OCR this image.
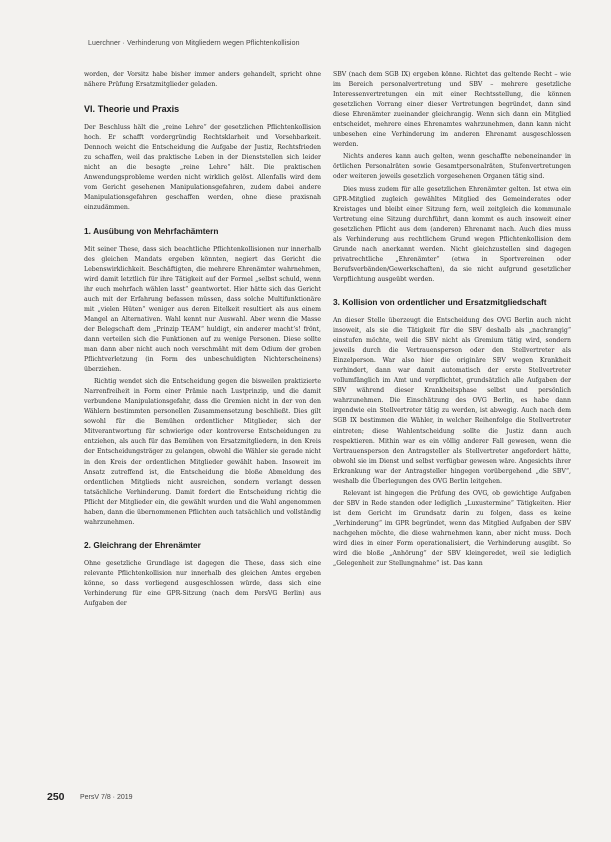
Luerchner · Verhinderung von Mitgliedern wegen Pflichtenkollision

worden, der Vorsitz habe bisher immer anders gehandelt, spricht ohne nähere Prüfung Ersatzmitglieder geladen.

VI. Theorie und Praxis

Der Beschluss hält die „reine Lehre“ der gesetzlichen Pflichtenkollision hoch. Er schafft vordergründig Rechtsklarheit und Vorsehbarkeit. Dennoch weicht die Entscheidung die Aufgabe der Justiz, Rechtsfrieden zu schaffen, weil das praktische Leben in der Dienststellen sich leider nicht an die besagte „reine Lehre“ hält. Die praktischen Anwendungsprobleme werden nicht wirklich gelöst. Allenfalls wird dem vom Gericht gesehenen Manipulationsgefahren, zudem dabei andere Manipulationsgefahren geschaffen werden, ohne diese praxisnah einzudämmen.

1. Ausübung von Mehrfachämtern

Mit seiner These, dass sich beachtliche Pflichtenkollisionen nur innerhalb des gleichen Mandats ergeben könnten, negiert das Gericht die Lebenswirklichkeit. Beschäftigten, die mehrere Ehrenämter wahrnehmen, wird damit letztlich für ihre Tätigkeit auf der Formel „selbst schuld, wenn ihr euch mehrfach wählen lasst“ geantwortet. Hier hätte sich das Gericht auch mit der Erfahrung befassen müssen, dass solche Multifunktionäre mit „vielen Hüten“ weniger aus deren Eitelkeit resultiert als aus einem Mangel an Alternativen. Wahl kennt nur Auswahl. Aber wenn die Masse der Belegschaft dem „Prinzip TEAM“ huldigt, ein anderer macht’s! frönt, dann verteilen sich die Funktionen auf zu wenige Personen. Diese sollte man dann aber nicht auch noch verschmäht mit dem Odium der groben Pflichtverletzung (in Form des unbeschuldigten Nichterscheinens) überziehen.

Richtig wendet sich die Entscheidung gegen die bisweilen praktizierte Narrenfreiheit in Form einer Prämie nach Lustprinzip, und die damit verbundene Manipulationsgefahr, dass die Gremien nicht in der von den Wählern bestimmten personellen Zusammensetzung beschließt. Dies gilt sowohl für die Bemühen ordentlicher Mitglieder, sich der Mitverantwortung für schwierige oder kontroverse Entscheidungen zu entziehen, als auch für das Bemühen von Ersatzmitgliedern, in den Kreis der Entscheidungsträger zu gelangen, obwohl die Wähler sie gerade nicht in den Kreis der ordentlichen Mitglieder gewählt haben. Insoweit im Ansatz zutreffend ist, die Entscheidung die bloße Abmeldung des ordentlichen Mitglieds nicht ausreichen, sondern verlangt dessen tatsächliche Verhinderung. Damit fordert die Entscheidung richtig die Pflicht der Mitglieder ein, die gewählt wurden und die Wahl angenommen haben, dann die übernommenen Pflichten auch tatsächlich und vollständig wahrzunehmen.

2. Gleichrang der Ehrenämter

Ohne gesetzliche Grundlage ist dagegen die These, dass sich eine relevante Pflichtenkollision nur innerhalb des gleichen Amtes ergeben könne, so dass vorliegend ausgeschlossen würde, dass sich eine Verhinderung für eine GPR-Sitzung (nach dem PersVG Berlin) aus Aufgaben der

SBV (nach dem SGB IX) ergeben könne. Richtet das geltende Recht – wie im Bereich personalvertretung und SBV – mehrere gesetzliche Interessenvertretungen ein mit einer Rechtsstellung, die können gesetzlichen Vorrang einer dieser Vertretungen begründet, dann sind diese Ehrenämter zueinander gleichrangig. Wenn sich dann ein Mitglied entscheidet, mehrere eines Ehrenamtes wahrzunehmen, dann kann nicht unbesehen eine Verhinderung im anderen Ehrenamt ausgeschlossen werden.

Nichts anderes kann auch gelten, wenn geschaffte nebeneinander in örtlichen Personalräten sowie Gesamtpersonalräten, Stufenvertretungen oder weiteren jeweils gesetzlich vorgesehenen Organen tätig sind.

Dies muss zudem für alle gesetzlichen Ehrenämter gelten. Ist etwa ein GPR-Mitglied zugleich gewähltes Mitglied des Gemeinderates oder Kreistages und bleibt einer Sitzung fern, weil zeitgleich die kommunale Vertretung eine Sitzung durchführt, dann kommt es auch insoweit einer gesetzlichen Pflicht aus dem (anderen) Ehrenamt nach. Auch dies muss als Verhinderung aus rechtlichem Grund wegen Pflichtenkollision dem Grunde nach anerkannt werden. Nicht gleichzustellen sind dagegen privatrechtliche „Ehrenämter“ (etwa in Sportvereinen oder Berufsverbänden/Gewerkschaften), da sie nicht aufgrund gesetzlicher Verpflichtung ausgeübt werden.

3. Kollision von ordentlicher und Ersatzmitgliedschaft

An dieser Stelle überzeugt die Entscheidung des OVG Berlin auch nicht insoweit, als sie die Tätigkeit für die SBV deshalb als „nachrangig“ einstufen möchte, weil die SBV nicht als Gremium tätig wird, sondern jeweils durch die Vertrauensperson oder den Stellvertreter als Einzelperson. War also hier die originäre SBV wegen Krankheit verhindert, dann war damit automatisch der erste Stellvertreter vollumfänglich im Amt und verpflichtet, grundsätzlich alle Aufgaben der SBV während dieser Krankheitsphase selbst und persönlich wahrzunehmen. Die Einschätzung des OVG Berlin, es habe dann irgendwie ein Stellvertreter tätig zu werden, ist abwegig. Auch nach dem SGB IX bestimmen die Wähler, in welcher Reihenfolge die Stellvertreter eintreten; diese Wahlentscheidung sollte die Justiz dann auch respektieren. Mithin war es ein völlig anderer Fall gewesen, wenn die Vertrauensperson den Antragsteller als Stellvertreter angefordert hätte, obwohl sie im Dienst und selbst verfügbar gewesen wäre. Angesichts ihrer Erkrankung war der Antragsteller hingegen vorübergehend „die SBV“, weshalb die Überlegungen des OVG Berlin leitgehen.

Relevant ist hingegen die Prüfung des OVG, ob gewichtige Aufgaben der SBV in Rede standen oder lediglich „Luxustermine“ Tätigkeiten. Hier ist dem Gericht im Grundsatz darin zu folgen, dass es keine „Verhinderung“ im GPR begründet, wenn das Mitglied Aufgaben der SBV nachgehen möchte, die diese wahrnehmen kann, aber nicht muss. Doch wird dies in einer Form operationalisiert, die Verhinderung ausgibt. So wird die bloße „Anhörung“ der SBV kleingeredet, weil sie lediglich „Gelegenheit zur Stellungnahme“ ist. Das kann

250 PersV 7/8 · 2019
